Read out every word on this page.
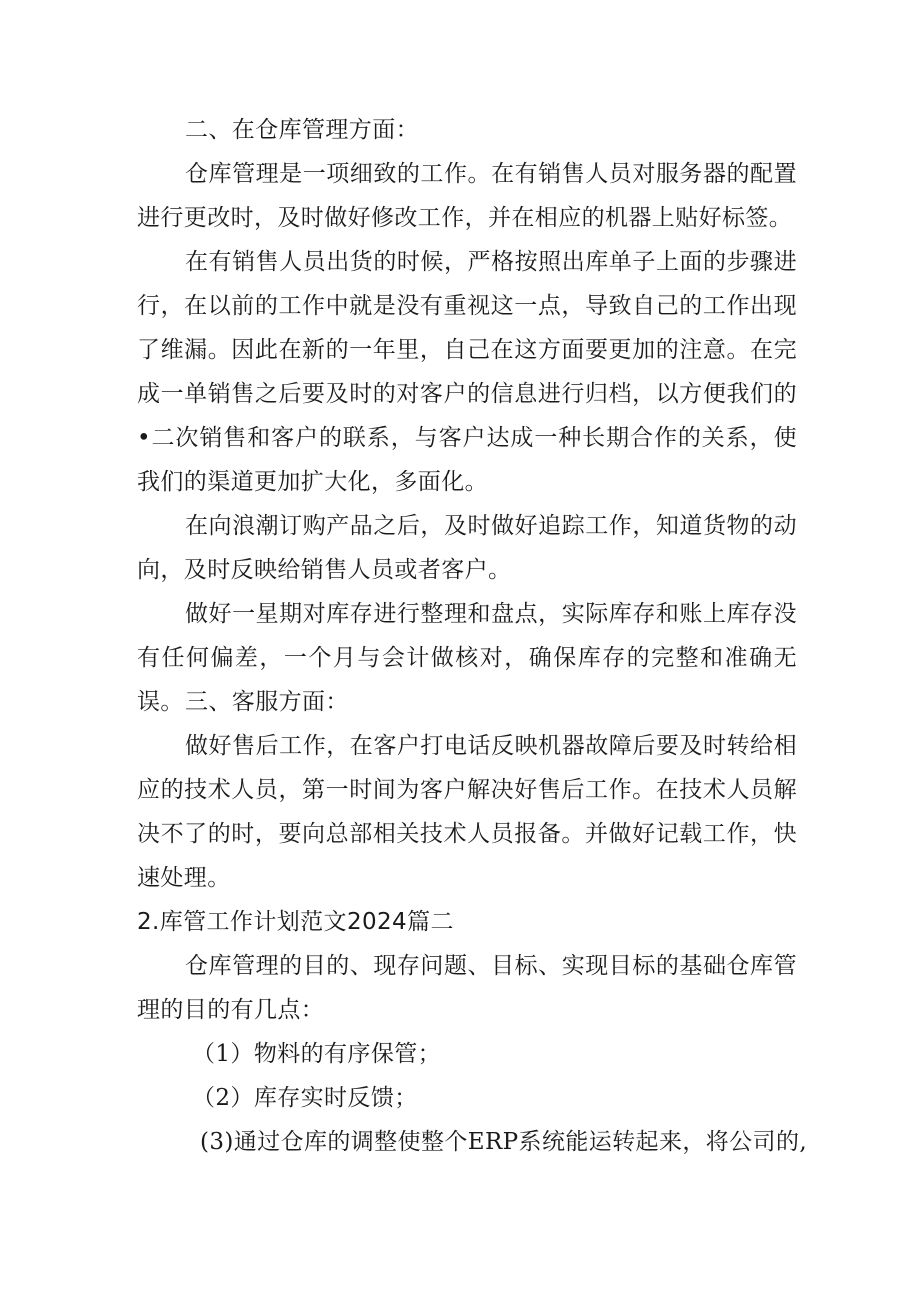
二、在仓库管理方面：
仓库管理是一项细致的工作。在有销售人员对服务器的配置进行更改时，及时做好修改工作，并在相应的机器上贴好标签。
在有销售人员出货的时候，严格按照出库单子上面的步骤进行，在以前的工作中就是没有重视这一点，导致自己的工作出现了维漏。因此在新的一年里，自己在这方面要更加的注意。在完成一单销售之后要及时的对客户的信息进行归档，以方便我们的•二次销售和客户的联系，与客户达成一种长期合作的关系，使我们的渠道更加扩大化，多面化。
在向浪潮订购产品之后，及时做好追踪工作，知道货物的动向，及时反映给销售人员或者客户。
做好一星期对库存进行整理和盘点，实际库存和账上库存没有任何偏差，一个月与会计做核对，确保库存的完整和准确无误。 三、客服方面：
做好售后工作，在客户打电话反映机器故障后要及时转给相应的技术人员，第一时间为客户解决好售后工作。在技术人员解决不了的时，要向总部相关技术人员报备。并做好记载工作，快速处理。
2.库管工作计划范文2024篇二
仓库管理的目的、现存问题、目标、实现目标的基础仓库管理的目的有几点：
（1）物料的有序保管；
（2）库存实时反馈；
(3)通过仓库的调整使整个ERP系统能运转起来，将公司的,
